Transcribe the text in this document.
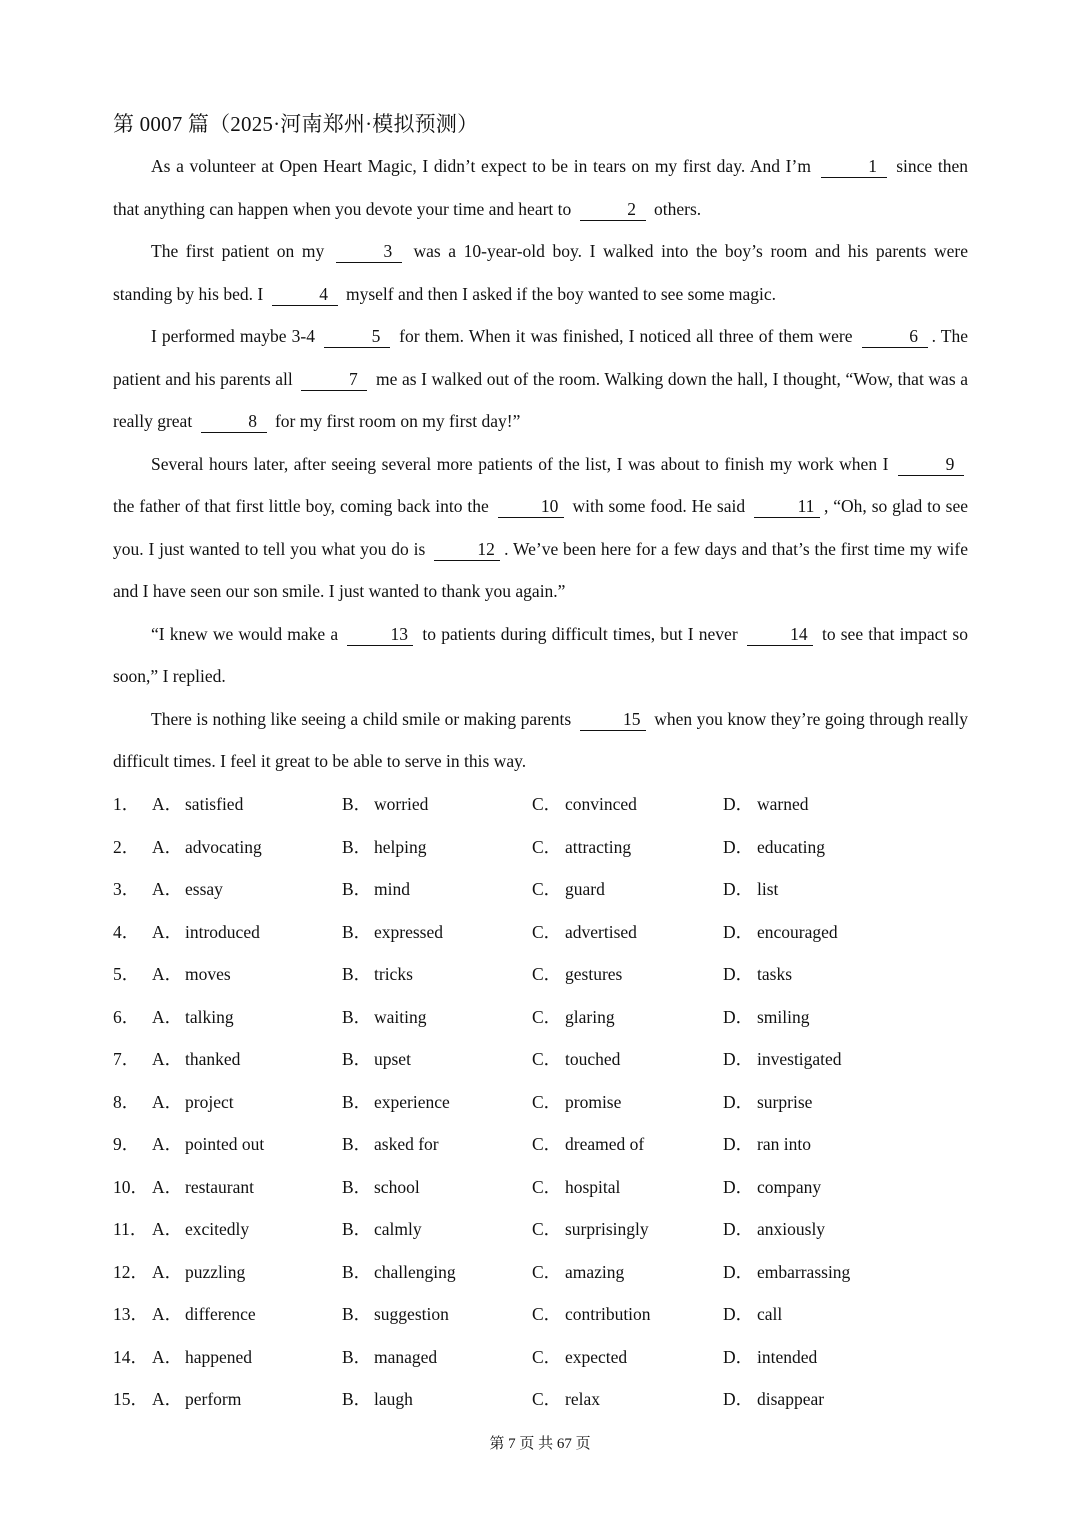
第 0007 篇（2025·河南郑州·模拟预测）

As a volunteer at Open Heart Magic, I didn’t expect to be in tears on my first day. And I’m	1 since then that anything can happen when you devote your time and heart to	2 others.

The first patient on my	3 was a 10-year-old boy. I walked into the boy’s room and his parents were standing by his bed. I	4 myself and then I asked if the boy wanted to see some magic.

I performed maybe 3-4	5 for them. When it was finished, I noticed all three of them were	6 . The patient and his parents all	7 me as I walked out of the room. Walking down the hall, I thought, “Wow, that was a really great	8 for my first room on my first day!”

Several hours later, after seeing several more patients of the list, I was about to finish my work when I	9 the father of that first little boy, coming back into the	10 with some food. He said	11 , “Oh, so glad to see you. I just wanted to tell you what you do is	12 . We’ve been here for a few days and that’s the first time my wife and I have seen our son smile. I just wanted to thank you again.”

“I knew we would make a	13 to patients during difficult times, but I never	14 to see that impact so soon,” I replied.

There is nothing like seeing a child smile or making parents	15 when you know they’re going through really difficult times. I feel it great to be able to serve in this way.

1． A． satisfied	B． worried	C． convinced	D． warned
2． A． advocating	B． helping	C． attracting	D． educating
3． A． essay	B． mind	C． guard	D． list
4． A． introduced	B． expressed	C． advertised	D． encouraged
5． A． moves	B． tricks	C． gestures	D． tasks
6． A． talking	B． waiting	C． glaring	D． smiling
7． A． thanked	B． upset	C． touched	D． investigated
8． A． project	B． experience	C． promise	D． surprise
9． A． pointed out	B． asked for	C． dreamed of	D． ran into
10． A． restaurant	B． school	C． hospital	D． company
11． A． excitedly	B． calmly	C． surprisingly	D． anxiously
12． A． puzzling	B． challenging	C． amazing	D． embarrassing
13． A． difference	B． suggestion	C． contribution	D． call
14． A． happened	B． managed	C． expected	D． intended
15． A． perform	B． laugh	C． relax	D． disappear
第 7 页 共 67 页
